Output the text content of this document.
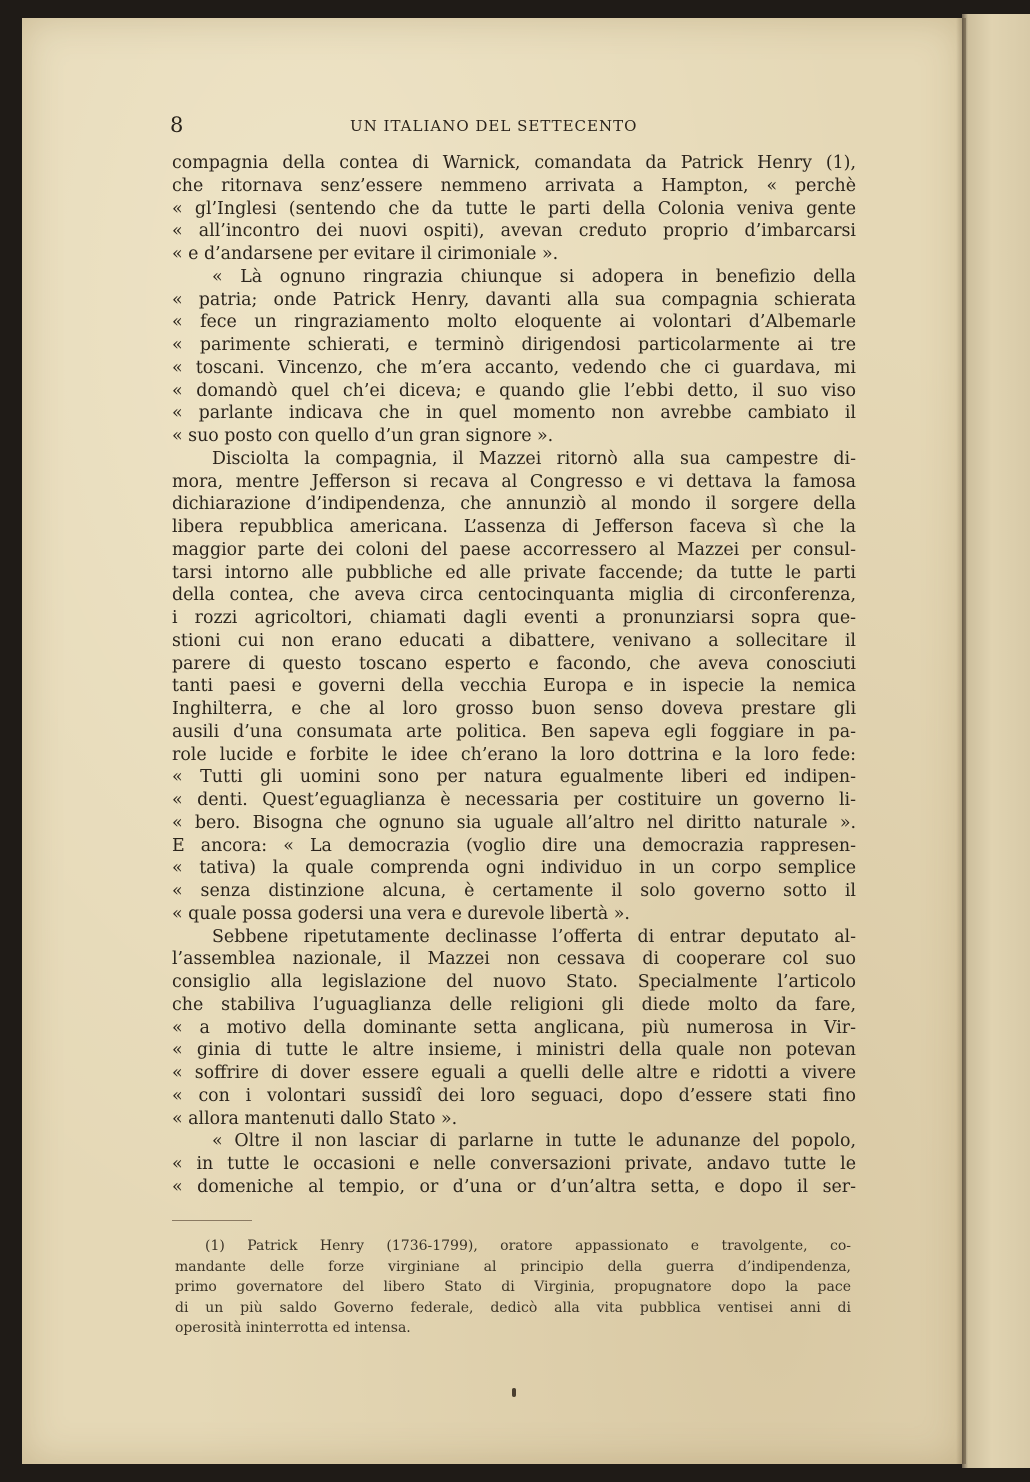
8	UN ITALIANO DEL SETTECENTO
compagnia della contea di Warnick, comandata da Patrick Henry (1),
che ritornava senz’essere nemmeno arrivata a Hampton, « perchè
« gl’Inglesi (sentendo che da tutte le parti della Colonia veniva gente
« all’incontro dei nuovi ospiti), avevan creduto proprio d’imbarcarsi
« e d’andarsene per evitare il cirimoniale ».
« Là ognuno ringrazia chiunque si adopera in benefizio della
« patria; onde Patrick Henry, davanti alla sua compagnia schierata
« fece un ringraziamento molto eloquente ai volontari d’Albemarle
« parimente schierati, e terminò dirigendosi particolarmente ai tre
« toscani. Vincenzo, che m’era accanto, vedendo che ci guardava, mi
« domandò quel ch’ei diceva; e quando glie l’ebbi detto, il suo viso
« parlante indicava che in quel momento non avrebbe cambiato il
« suo posto con quello d’un gran signore ».
Disciolta la compagnia, il Mazzei ritornò alla sua campestre di-
mora, mentre Jefferson si recava al Congresso e vi dettava la famosa
dichiarazione d’indipendenza, che annunziò al mondo il sorgere della
libera repubblica americana. L’assenza di Jefferson faceva sì che la
maggior parte dei coloni del paese accorressero al Mazzei per consul-
tarsi intorno alle pubbliche ed alle private faccende; da tutte le parti
della contea, che aveva circa centocinquanta miglia di circonferenza,
i rozzi agricoltori, chiamati dagli eventi a pronunziarsi sopra que-
stioni cui non erano educati a dibattere, venivano a sollecitare il
parere di questo toscano esperto e facondo, che aveva conosciuti
tanti paesi e governi della vecchia Europa e in ispecie la nemica
Inghilterra, e che al loro grosso buon senso doveva prestare gli
ausili d’una consumata arte politica. Ben sapeva egli foggiare in pa-
role lucide e forbite le idee ch’erano la loro dottrina e la loro fede:
« Tutti gli uomini sono per natura egualmente liberi ed indipen-
« denti. Quest’eguaglianza è necessaria per costituire un governo li-
« bero. Bisogna che ognuno sia uguale all’altro nel diritto naturale ».
E ancora: « La democrazia (voglio dire una democrazia rappresen-
« tativa) la quale comprenda ogni individuo in un corpo semplice
« senza distinzione alcuna, è certamente il solo governo sotto il
« quale possa godersi una vera e durevole libertà ».
Sebbene ripetutamente declinasse l’offerta di entrar deputato al-
l’assemblea nazionale, il Mazzei non cessava di cooperare col suo
consiglio alla legislazione del nuovo Stato. Specialmente l’articolo
che stabiliva l’uguaglianza delle religioni gli diede molto da fare,
« a motivo della dominante setta anglicana, più numerosa in Vir-
« ginia di tutte le altre insieme, i ministri della quale non potevan
« soffrire di dover essere eguali a quelli delle altre e ridotti a vivere
« con i volontari sussidî dei loro seguaci, dopo d’essere stati fino
« allora mantenuti dallo Stato ».
« Oltre il non lasciar di parlarne in tutte le adunanze del popolo,
« in tutte le occasioni e nelle conversazioni private, andavo tutte le
« domeniche al tempio, or d’una or d’un’altra setta, e dopo il ser-
(1) Patrick Henry (1736-1799), oratore appassionato e travolgente, co-
mandante delle forze virginiane al principio della guerra d’indipendenza,
primo governatore del libero Stato di Virginia, propugnatore dopo la pace
di un più saldo Governo federale, dedicò alla vita pubblica ventisei anni di
operosità ininterrotta ed intensa.
